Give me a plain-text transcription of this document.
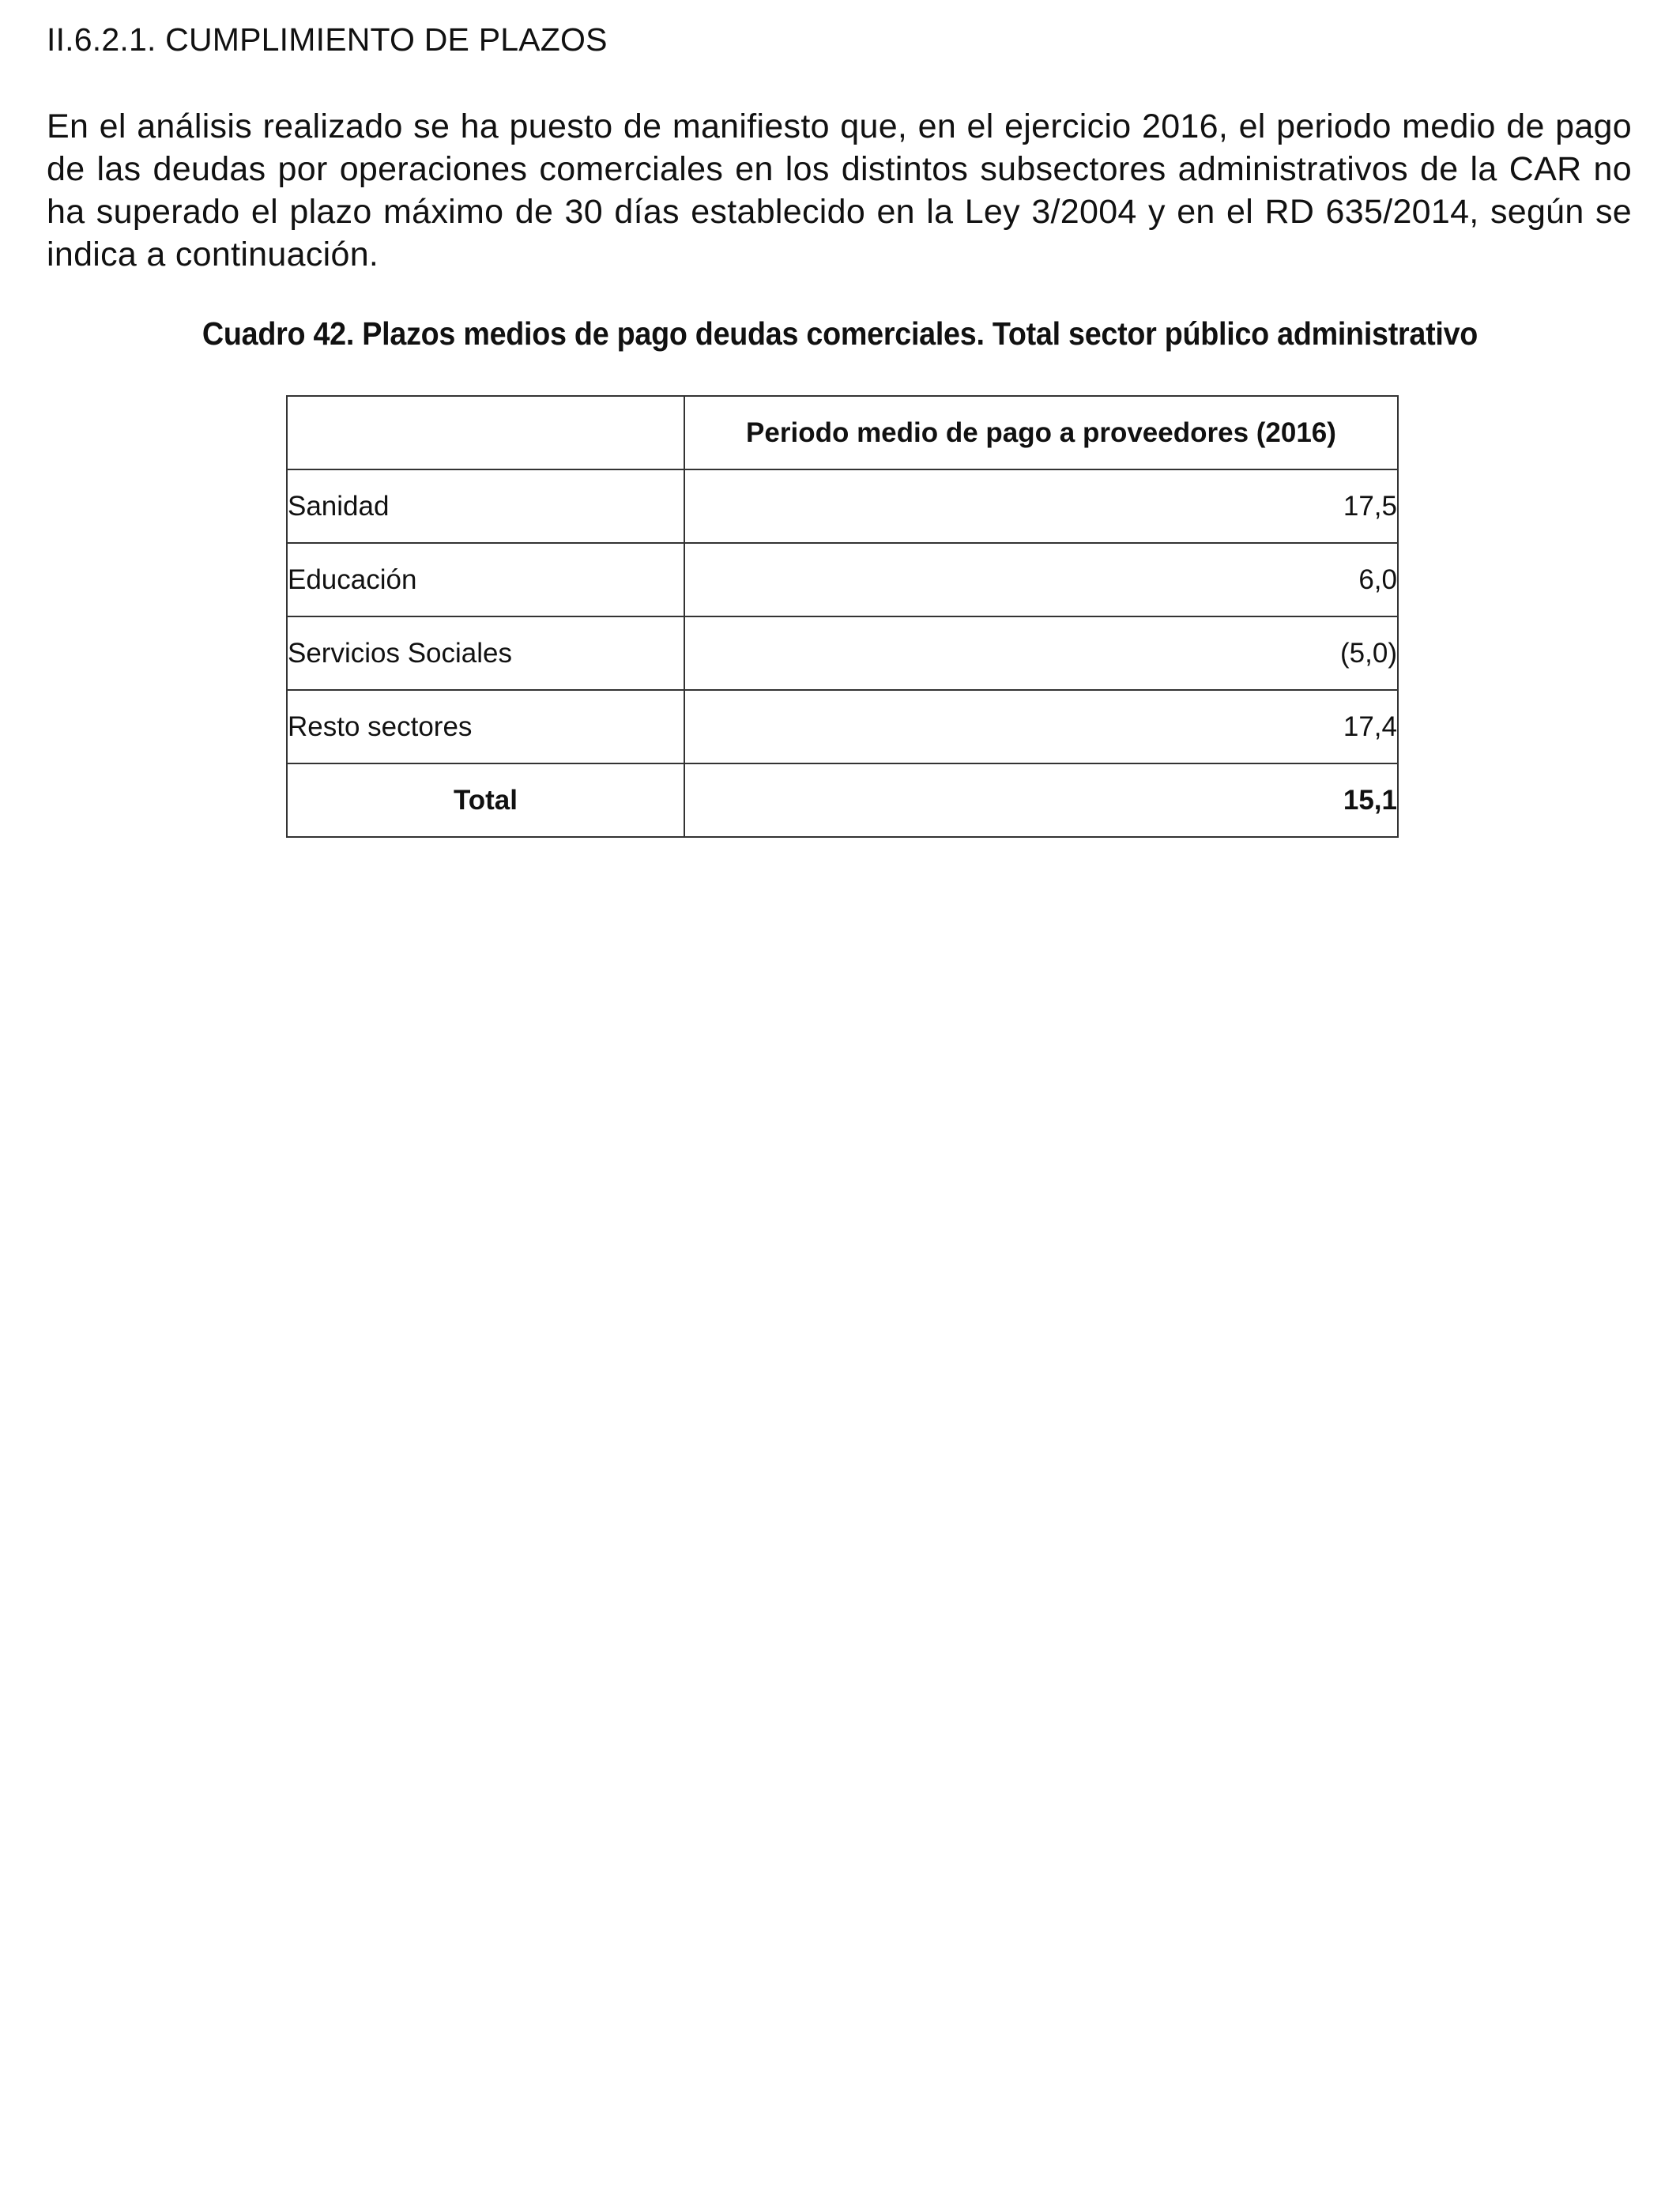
II.6.2.1. CUMPLIMIENTO DE PLAZOS
En el análisis realizado se ha puesto de manifiesto que, en el ejercicio 2016, el periodo medio de pago de las deudas por operaciones comerciales en los distintos subsectores administrativos de la CAR no ha superado el plazo máximo de 30 días establecido en la Ley 3/2004 y en el RD 635/2014, según se indica a continuación.
Cuadro 42. Plazos medios de pago deudas comerciales. Total sector público administrativo
	Periodo medio de pago a proveedores (2016)
Sanidad	17,5
Educación	6,0
Servicios Sociales	(5,0)
Resto sectores	17,4
Total	15,1
